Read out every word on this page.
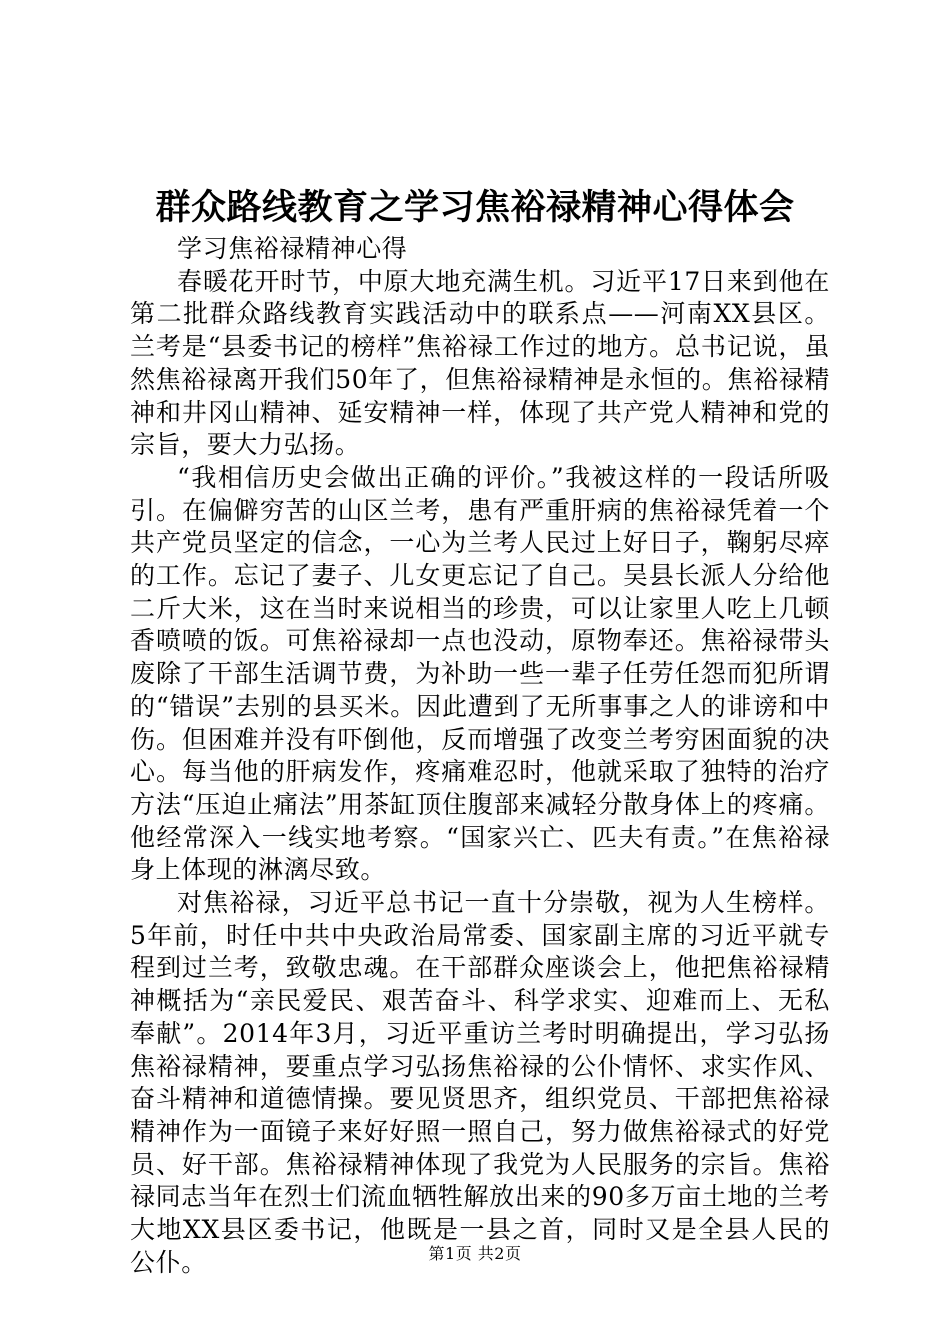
群众路线教育之学习焦裕禄精神心得体会

学习焦裕禄精神心得

春暖花开时节，中原大地充满生机。习近平17日来到他在第二批群众路线教育实践活动中的联系点——河南XX县区。兰考是“县委书记的榜样”焦裕禄工作过的地方。总书记说，虽然焦裕禄离开我们50年了，但焦裕禄精神是永恒的。焦裕禄精神和井冈山精神、延安精神一样，体现了共产党人精神和党的宗旨，要大力弘扬。

“我相信历史会做出正确的评价。”我被这样的一段话所吸引。在偏僻穷苦的山区兰考，患有严重肝病的焦裕禄凭着一个共产党员坚定的信念，一心为兰考人民过上好日子，鞠躬尽瘁的工作。忘记了妻子、儿女更忘记了自己。吴县长派人分给他二斤大米，这在当时来说相当的珍贵，可以让家里人吃上几顿香喷喷的饭。可焦裕禄却一点也没动，原物奉还。焦裕禄带头废除了干部生活调节费，为补助一些一辈子任劳任怨而犯所谓的“错误”去别的县买米。因此遭到了无所事事之人的诽谤和中伤。但困难并没有吓倒他，反而增强了改变兰考穷困面貌的决心。每当他的肝病发作，疼痛难忍时，他就采取了独特的治疗方法“压迫止痛法”用茶缸顶住腹部来减轻分散身体上的疼痛。他经常深入一线实地考察。“国家兴亡、匹夫有责。”在焦裕禄身上体现的淋漓尽致。

对焦裕禄，习近平总书记一直十分崇敬，视为人生榜样。5年前，时任中共中央政治局常委、国家副主席的习近平就专程到过兰考，致敬忠魂。在干部群众座谈会上，他把焦裕禄精神概括为“亲民爱民、艰苦奋斗、科学求实、迎难而上、无私奉献”。2014年3月，习近平重访兰考时明确提出，学习弘扬焦裕禄精神，要重点学习弘扬焦裕禄的公仆情怀、求实作风、奋斗精神和道德情操。要见贤思齐，组织党员、干部把焦裕禄精神作为一面镜子来好好照一照自己，努力做焦裕禄式的好党员、好干部。焦裕禄精神体现了我党为人民服务的宗旨。焦裕禄同志当年在烈士们流血牺牲解放出来的90多万亩土地的兰考大地XX县区委书记，他既是一县之首，同时又是全县人民的公仆。	第1页 共2页
